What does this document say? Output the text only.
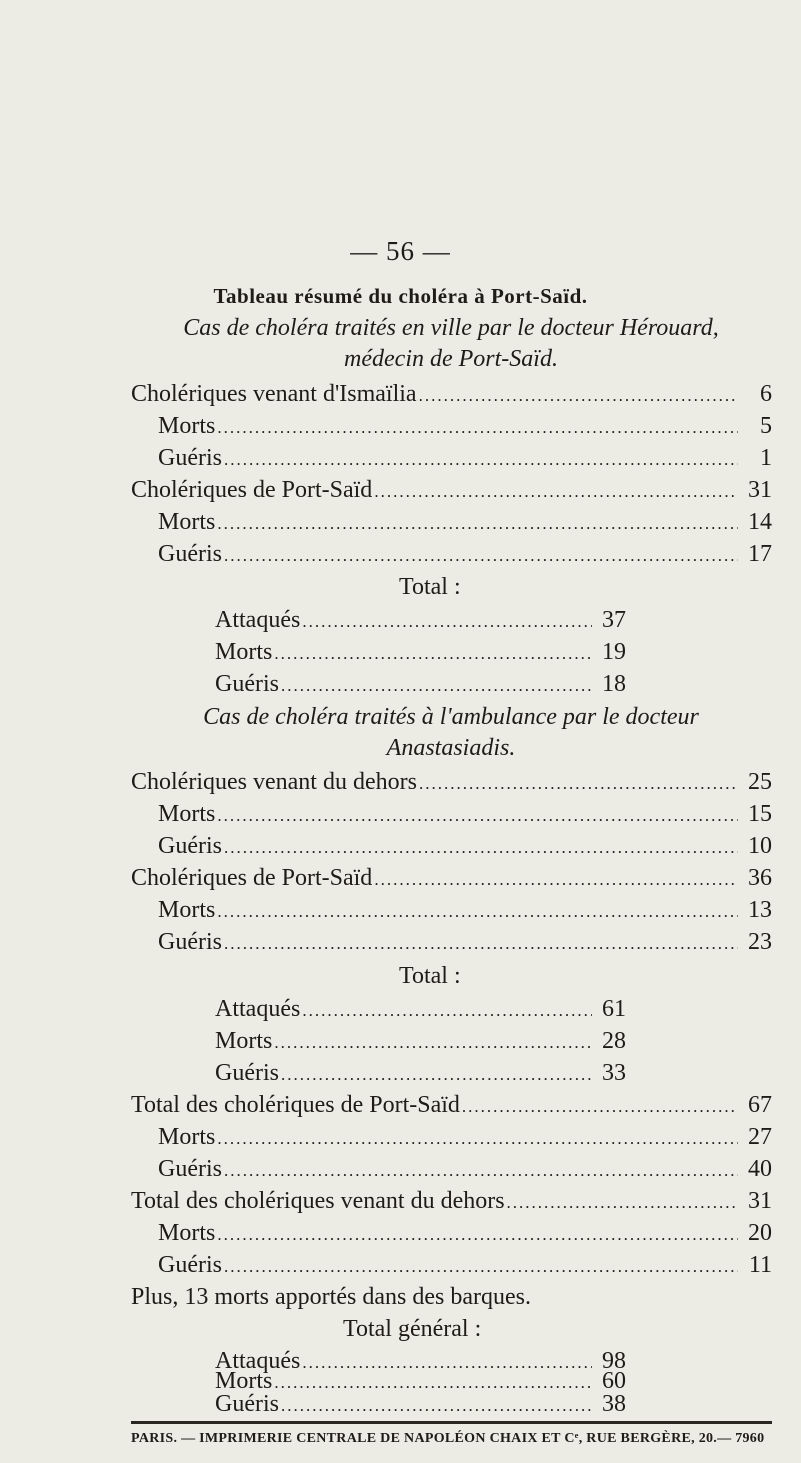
— 56 —
Tableau résumé du choléra à Port-Saïd.
Cas de choléra traités en ville par le docteur Hérouard,
médecin de Port-Saïd.
Cholériques venant d'Ismaïlia .....	6
Morts .....	5
Guéris .....	1
Cholériques de Port-Saïd .....	31
Morts .....	14
Guéris .....	17
Total :
Attaqués .....	37
Morts .....	19
Guéris .....	18
Cas de choléra traités à l'ambulance par le docteur
Anastasiadis.
Cholériques venant du dehors .....	25
Morts .....	15
Guéris .....	10
Cholériques de Port-Saïd .....	36
Morts .....	13
Guéris .....	23
Total :
Attaqués .....	61
Morts .....	28
Guéris .....	33
Total des cholériques de Port-Saïd .....	67
Morts .....	27
Guéris .....	40
Total des cholériques venant du dehors .....	31
Morts .....	20
Guéris .....	11
Plus, 13 morts apportés dans des barques.
Total général :
Attaqués .....	98
Morts .....	60
Guéris .....	38
PARIS. — IMPRIMERIE CENTRALE DE NAPOLÉON CHAIX ET Cᵉ, RUE BERGÈRE, 20.— 7960
